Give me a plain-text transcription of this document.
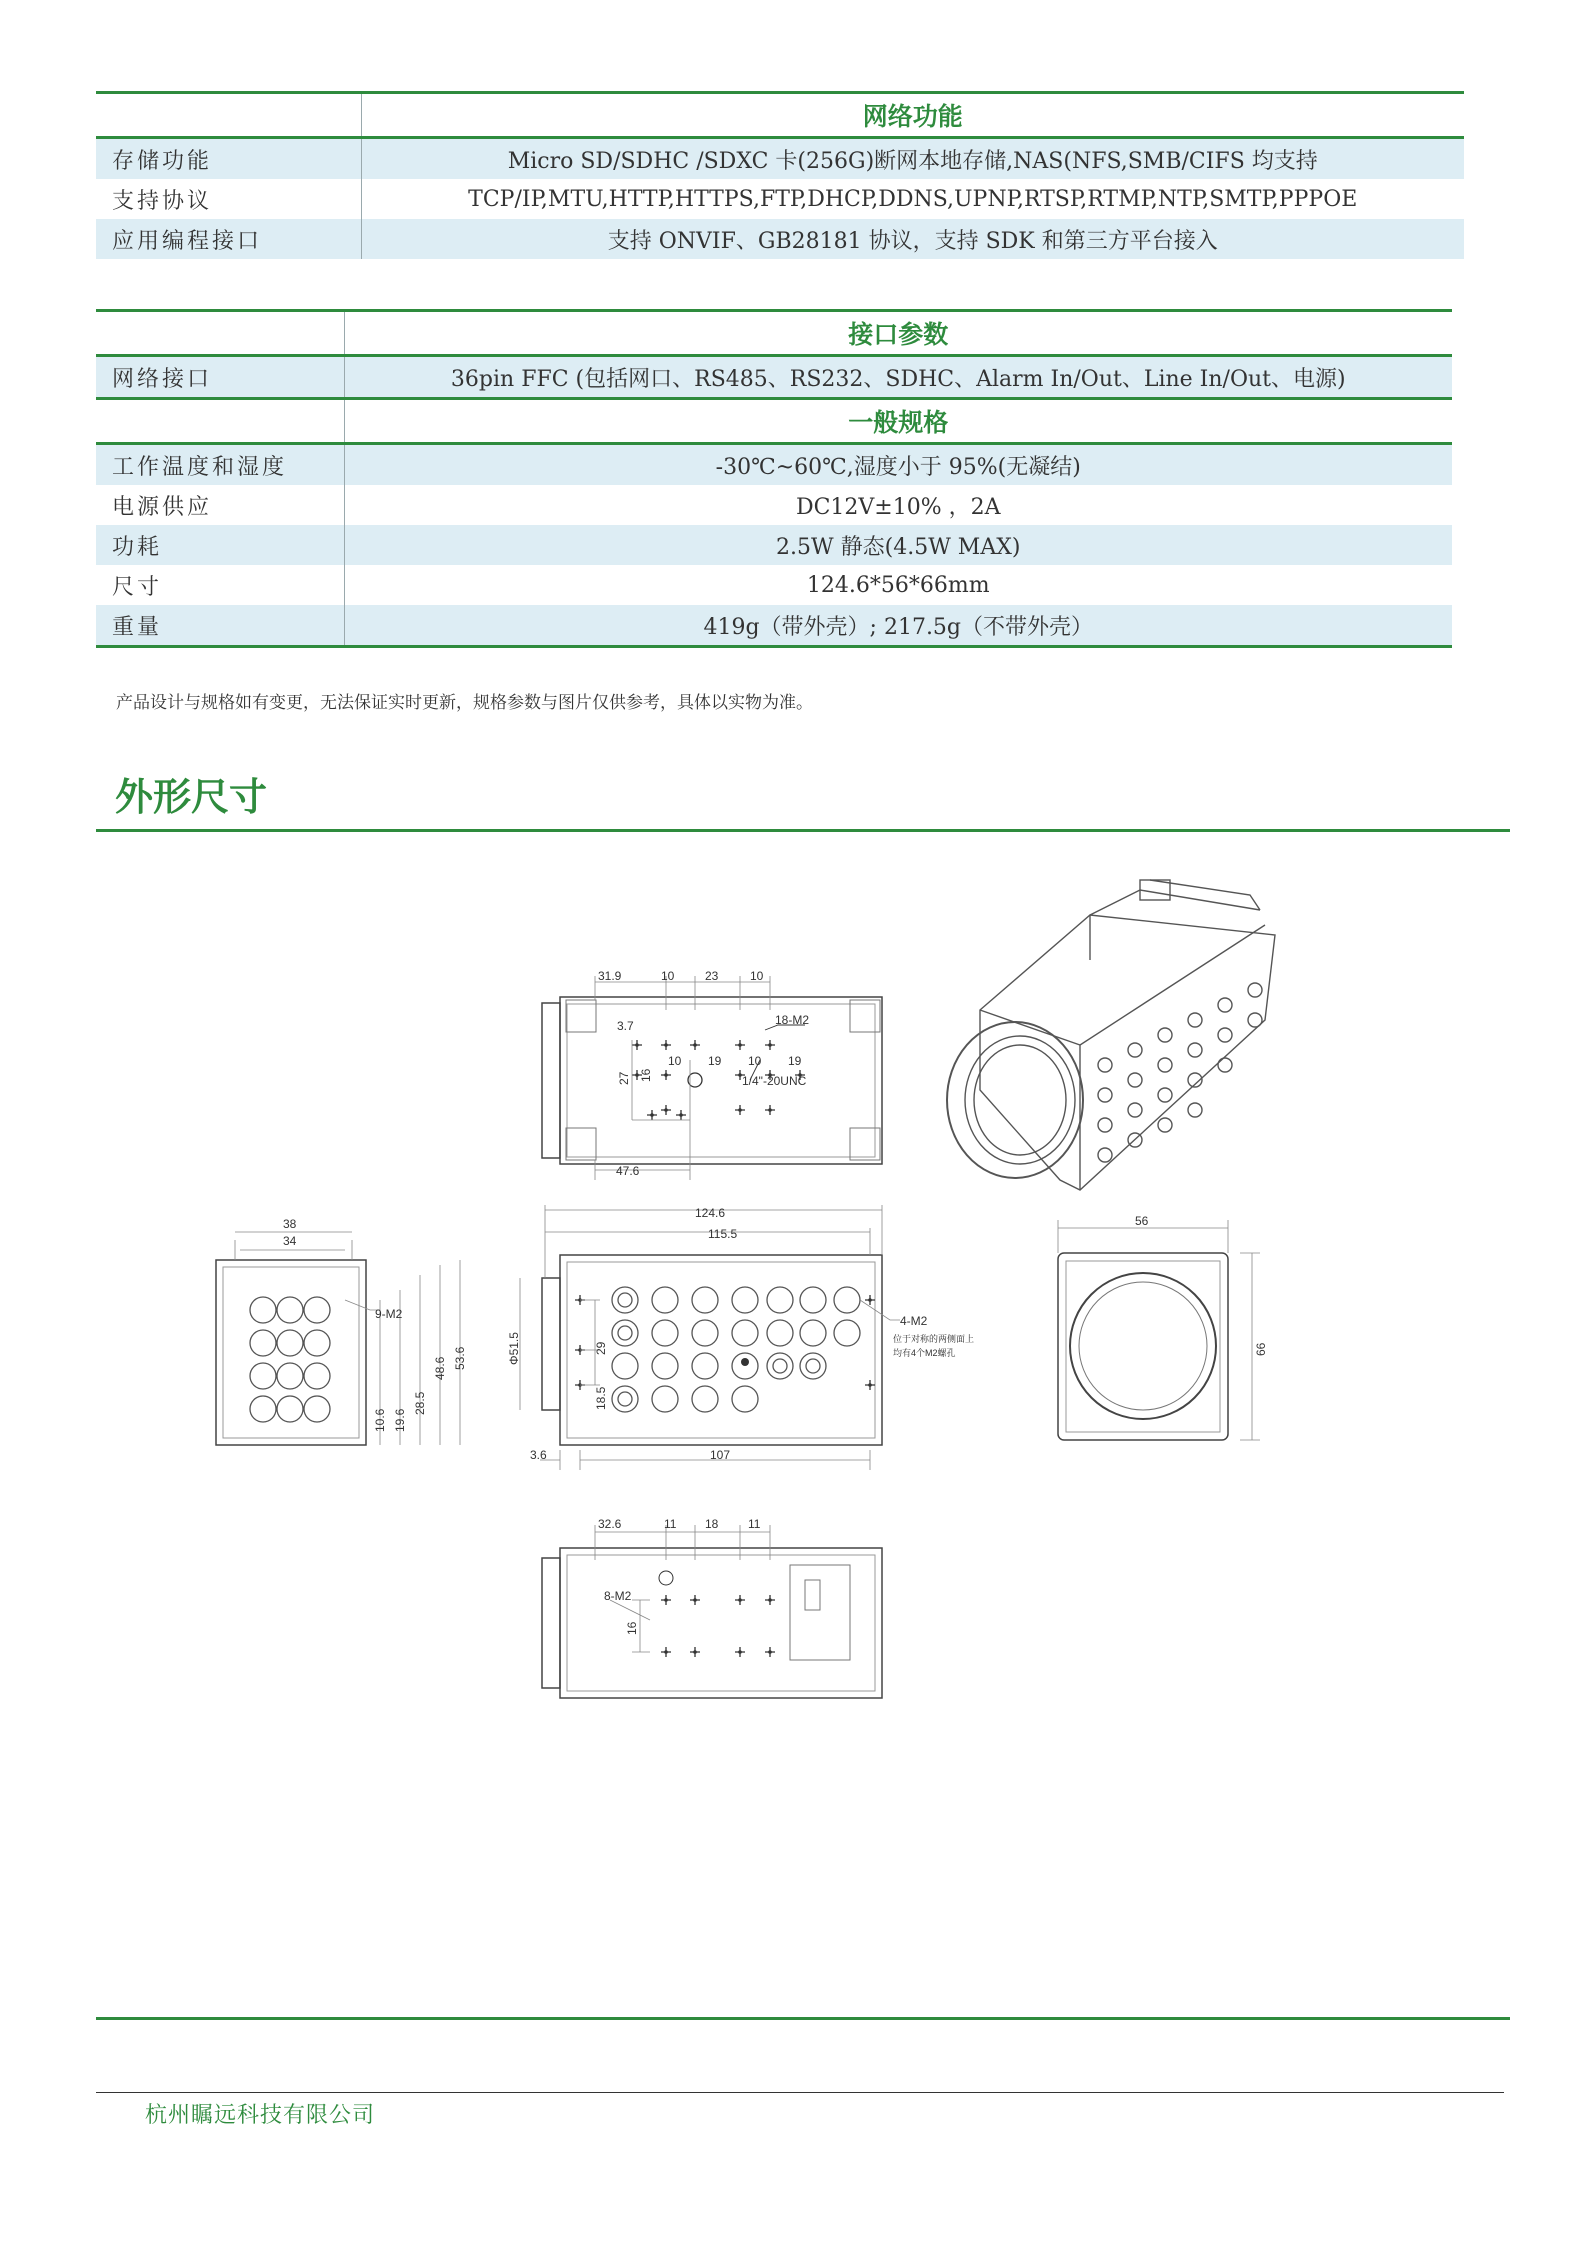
	网络功能
存储功能	Micro SD/SDHC /SDXC 卡(256G)断网本地存储,NAS(NFS,SMB/CIFS 均支持
支持协议	TCP/IP,MTU,HTTP,HTTPS,FTP,DHCP,DDNS,UPNP,RTSP,RTMP,NTP,SMTP,PPPOE
应用编程接口	支持 ONVIF、GB28181 协议，支持 SDK 和第三方平台接入
	接口参数
网络接口	36pin FFC (包括网口、RS485、RS232、SDHC、Alarm In/Out、Line In/Out、电源)
	一般规格
工作温度和湿度	-30℃~60℃,湿度小于 95%(无凝结)
电源供应	DC12V±10% ，2A
功耗	2.5W 静态(4.5W MAX)
尺寸	124.6*56*66mm
重量	419g（带外壳）; 217.5g（不带外壳）
产品设计与规格如有变更，无法保证实时更新，规格参数与图片仅供参考，具体以实物为准。
外形尺寸
31.9	10	23	10
3.7	18-M2
10 19 10 19
27 16	1/4"-20UNC
47.6
38
34
9-M2
10.6 19.6
28.5
48.6 53.6
124.6
115.5
Φ51.5	29
18.5
4-M2
位于对称的两侧面上
均有4个M2螺孔
3.6	107
56
66
32.6	11 18 11
8-M2
16
杭州瞩远科技有限公司
